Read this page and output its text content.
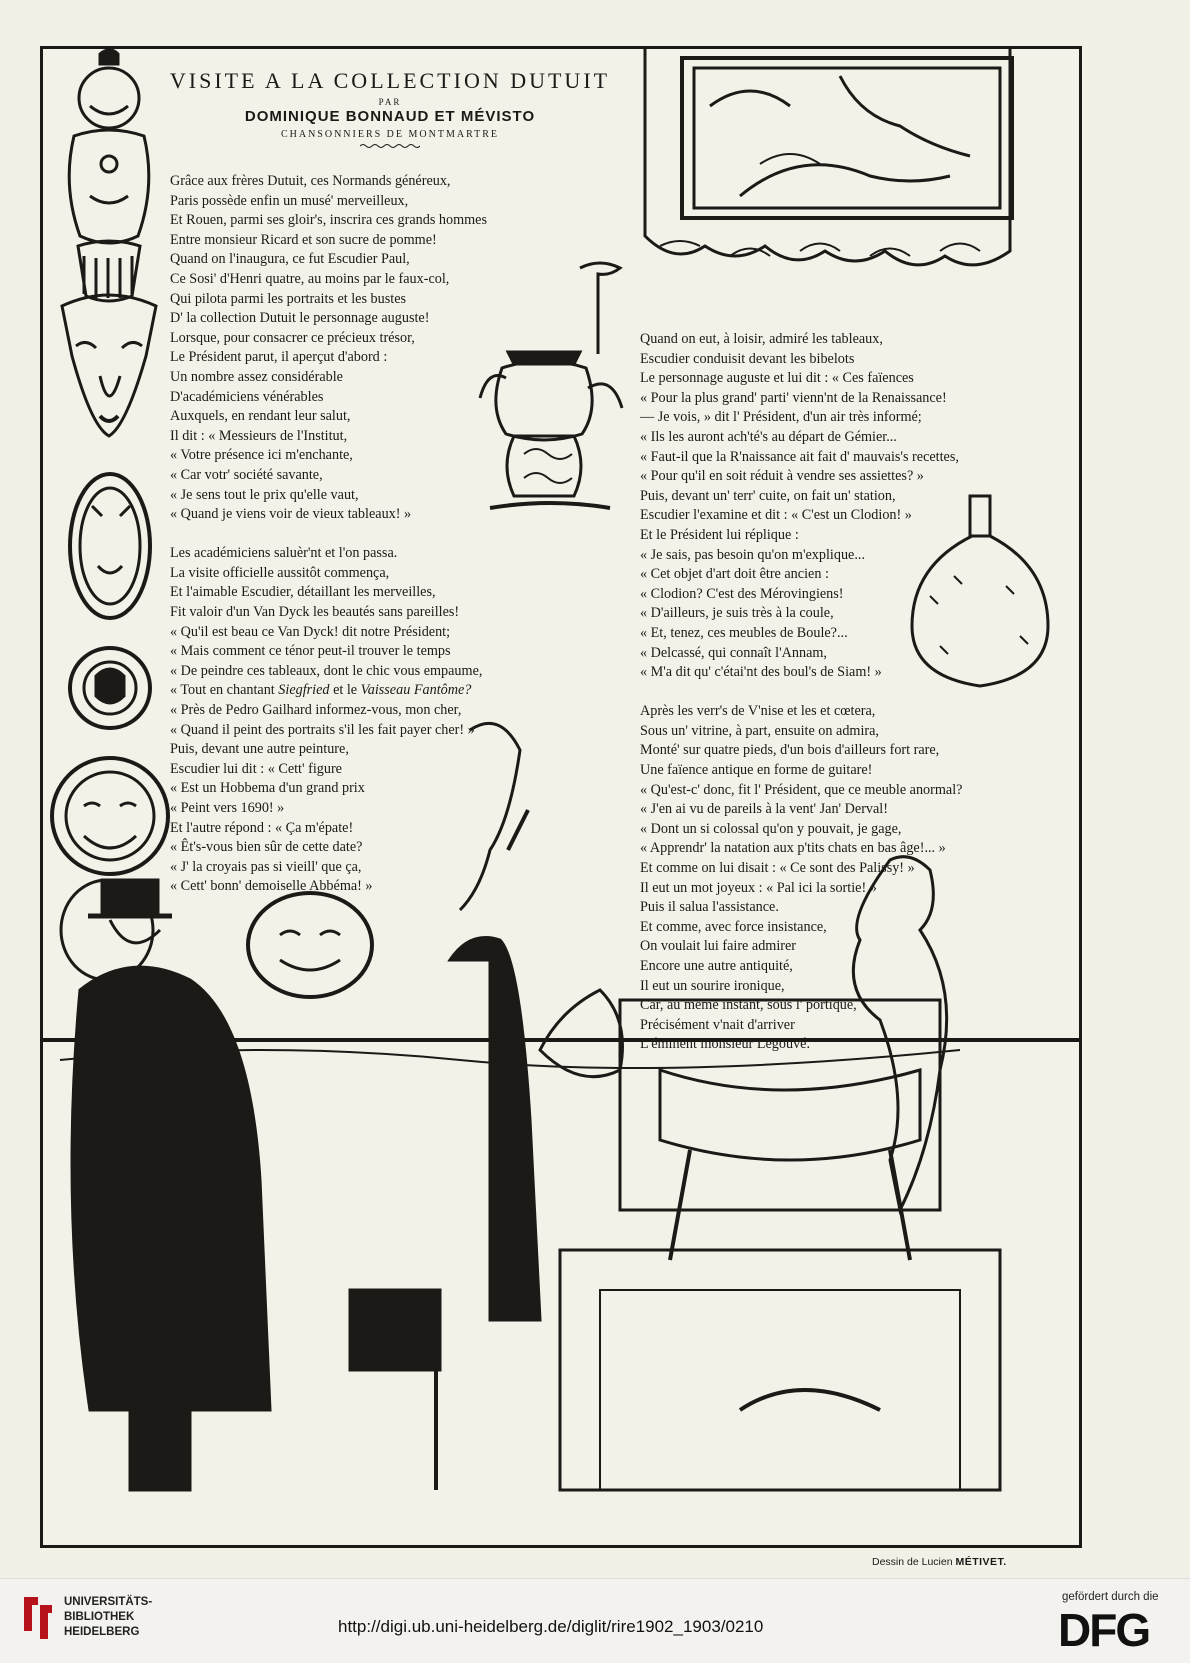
VISITE A LA COLLECTION DUTUIT
PAR
DOMINIQUE BONNAUD ET MÉVISTO
CHANSONNIERS DE MONTMARTRE
Grâce aux frères Dutuit, ces Normands généreux,
Paris possède enfin un musé' merveilleux,
Et Rouen, parmi ses gloir's, inscrira ces grands hommes
Entre monsieur Ricard et son sucre de pomme!
Quand on l'inaugura, ce fut Escudier Paul,
Ce Sosi' d'Henri quatre, au moins par le faux-col,
Qui pilota parmi les portraits et les bustes
D' la collection Dutuit le personnage auguste!
Lorsque, pour consacrer ce précieux trésor,
Le Président parut, il aperçut d'abord :
Un nombre assez considérable
D'académiciens vénérables
Auxquels, en rendant leur salut,
Il dit : « Messieurs de l'Institut,
« Votre présence ici m'enchante,
« Car votr' société savante,
« Je sens tout le prix qu'elle vaut,
« Quand je viens voir de vieux tableaux! »
Les académiciens saluèr'nt et l'on passa.
La visite officielle aussitôt commença,
Et l'aimable Escudier, détaillant les merveilles,
Fit valoir d'un Van Dyck les beautés sans pareilles!
« Qu'il est beau ce Van Dyck! dit notre Président;
« Mais comment ce ténor peut-il trouver le temps
« De peindre ces tableaux, dont le chic vous empaume,
« Tout en chantant Siegfried et le Vaisseau Fantôme?
« Près de Pedro Gailhard informez-vous, mon cher,
« Quand il peint des portraits s'il les fait payer cher! »
Puis, devant une autre peinture,
Escudier lui dit : « Cett' figure
« Est un Hobbema d'un grand prix
« Peint vers 1690! »
Et l'autre répond : « Ça m'épate!
« Êt's-vous bien sûr de cette date?
« J' la croyais pas si vieill' que ça,
« Cett' bonn' demoiselle Abbéma! »
Quand on eut, à loisir, admiré les tableaux,
Escudier conduisit devant les bibelots
Le personnage auguste et lui dit : « Ces faïences
« Pour la plus grand' parti' vienn'nt de la Renaissance!
— Je vois, » dit l' Président, d'un air très informé;
« Ils les auront ach'té's au départ de Gémier...
« Faut-il que la R'naissance ait fait d' mauvais's recettes,
« Pour qu'il en soit réduit à vendre ses assiettes? »
Puis, devant un' terr' cuite, on fait un' station,
Escudier l'examine et dit : « C'est un Clodion! »
Et le Président lui réplique :
« Je sais, pas besoin qu'on m'explique...
« Cet objet d'art doit être ancien :
« Clodion? C'est des Mérovingiens!
« D'ailleurs, je suis très à la coule,
« Et, tenez, ces meubles de Boule?...
« Delcassé, qui connaît l'Annam,
« M'a dit qu' c'étai'nt des boul's de Siam! »
Après les verr's de V'nise et les et cœtera,
Sous un' vitrine, à part, ensuite on admira,
Monté' sur quatre pieds, d'un bois d'ailleurs fort rare,
Une faïence antique en forme de guitare!
« Qu'est-c' donc, fit l' Président, que ce meuble anormal?
« J'en ai vu de pareils à la vent' Jan' Derval!
« Dont un si colossal qu'on y pouvait, je gage,
« Apprendr' la natation aux p'tits chats en bas âge!... »
Et comme on lui disait : « Ce sont des Palissy! »
Il eut un mot joyeux : « Pal ici la sortie! »
Puis il salua l'assistance.
Et comme, avec force insistance,
On voulait lui faire admirer
Encore une autre antiquité,
Il eut un sourire ironique,
Car, au même instant, sous l' portique,
Précisément v'nait d'arriver
L'éminent monsieur Legouvé.
Dessin de Lucien MÉTIVET.
UNIVERSITÄTS-
BIBLIOTHEK
HEIDELBERG	http://digi.ub.uni-heidelberg.de/diglit/rire1902_1903/0210
gefördert durch die
DFG
